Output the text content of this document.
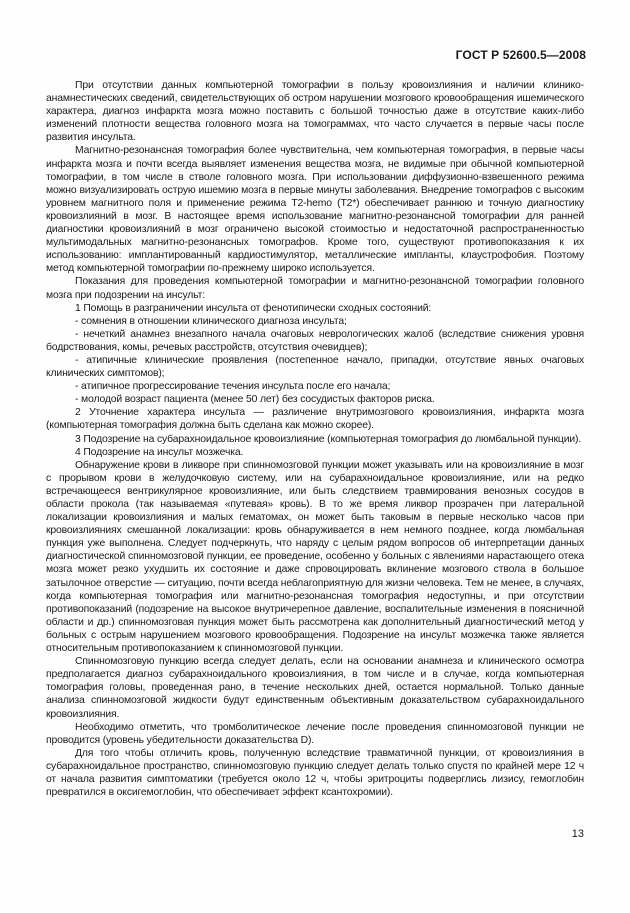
ГОСТ Р 52600.5—2008

При отсутствии данных компьютерной томографии в пользу кровоизлияния и наличии клинико-анамнестических сведений, свидетельствующих об остром нарушении мозгового кровообращения ишемического характера, диагноз инфаркта мозга можно поставить с большой точностью даже в отсутствие каких-либо изменений плотности вещества головного мозга на томограммах, что часто случается в первые часы после развития инсульта.

Магнитно-резонансная томография более чувствительна, чем компьютерная томография, в первые часы инфаркта мозга и почти всегда выявляет изменения вещества мозга, не видимые при обычной компьютерной томографии, в том числе в стволе головного мозга. При использовании диффузионно-взвешенного режима можно визуализировать острую ишемию мозга в первые минуты заболевания. Внедрение томографов с высоким уровнем магнитного поля и применение режима T2-hemo (T2*) обеспечивает раннюю и точную диагностику кровоизлияний в мозг. В настоящее время использование магнитно-резонансной томографии для ранней диагностики кровоизлияний в мозг ограничено высокой стоимостью и недостаточной распространенностью мультимодальных магнитно-резонансных томографов. Кроме того, существуют противопоказания к их использованию: имплантированный кардиостимулятор, металлические импланты, клаустрофобия. Поэтому метод компьютерной томографии по-прежнему широко используется.

Показания для проведения компьютерной томографии и магнитно-резонансной томографии головного мозга при подозрении на инсульт:

1 Помощь в разграничении инсульта от фенотипически сходных состояний:

- сомнения в отношении клинического диагноза инсульта;

- нечеткий анамнез внезапного начала очаговых неврологических жалоб (вследствие снижения уровня бодрствования, комы, речевых расстройств, отсутствия очевидцев);

- атипичные клинические проявления (постепенное начало, припадки, отсутствие явных очаговых клинических симптомов);

- атипичное прогрессирование течения инсульта после его начала;

- молодой возраст пациента (менее 50 лет) без сосудистых факторов риска.

2 Уточнение характера инсульта — различение внутримозгового кровоизлияния, инфаркта мозга (компьютерная томография должна быть сделана как можно скорее).

3 Подозрение на субарахноидальное кровоизлияние (компьютерная томография до люмбальной пункции).

4 Подозрение на инсульт мозжечка.

Обнаружение крови в ликворе при спинномозговой пункции может указывать или на кровоизлияние в мозг с прорывом крови в желудочковую систему, или на субарахноидальное кровоизлияние, или на редко встречающееся вентрикулярное кровоизлияние, или быть следствием травмирования венозных сосудов в области прокола (так называемая «путевая» кровь). В то же время ликвор прозрачен при латеральной локализации кровоизлияния и малых гематомах, он может быть таковым в первые несколько часов при кровоизлияниях смешанной локализации: кровь обнаруживается в нем немного позднее, когда люмбальная пункция уже выполнена. Следует подчеркнуть, что наряду с целым рядом вопросов об интерпретации данных диагностической спинномозговой пункции, ее проведение, особенно у больных с явлениями нарастающего отека мозга может резко ухудшить их состояние и даже спровоцировать вклинение мозгового ствола в большое затылочное отверстие — ситуацию, почти всегда неблагоприятную для жизни человека. Тем не менее, в случаях, когда компьютерная томография или магнитно-резонансная томография недоступны, и при отсутствии противопоказаний (подозрение на высокое внутричерепное давление, воспалительные изменения в поясничной области и др.) спинномозговая пункция может быть рассмотрена как дополнительный диагностический метод у больных с острым нарушением мозгового кровообращения. Подозрение на инсульт мозжечка также является относительным противопоказанием к спинномозговой пункции.

Спинномозговую пункцию всегда следует делать, если на основании анамнеза и клинического осмотра предполагается диагноз субарахноидального кровоизлияния, в том числе и в случае, когда компьютерная томография головы, проведенная рано, в течение нескольких дней, остается нормальной. Только данные анализа спинномозговой жидкости будут единственным объективным доказательством субарахноидального кровоизлияния.

Необходимо отметить, что тромболитическое лечение после проведения спинномозговой пункции не проводится (уровень убедительности доказательства D).

Для того чтобы отличить кровь, полученную вследствие травматичной пункции, от кровоизлияния в субарахноидальное пространство, спинномозговую пункцию следует делать только спустя по крайней мере 12 ч от начала развития симптоматики (требуется около 12 ч, чтобы эритроциты подверглись лизису, гемоглобин превратился в оксигемоглобин, что обеспечивает эффект ксантохромии).

13
